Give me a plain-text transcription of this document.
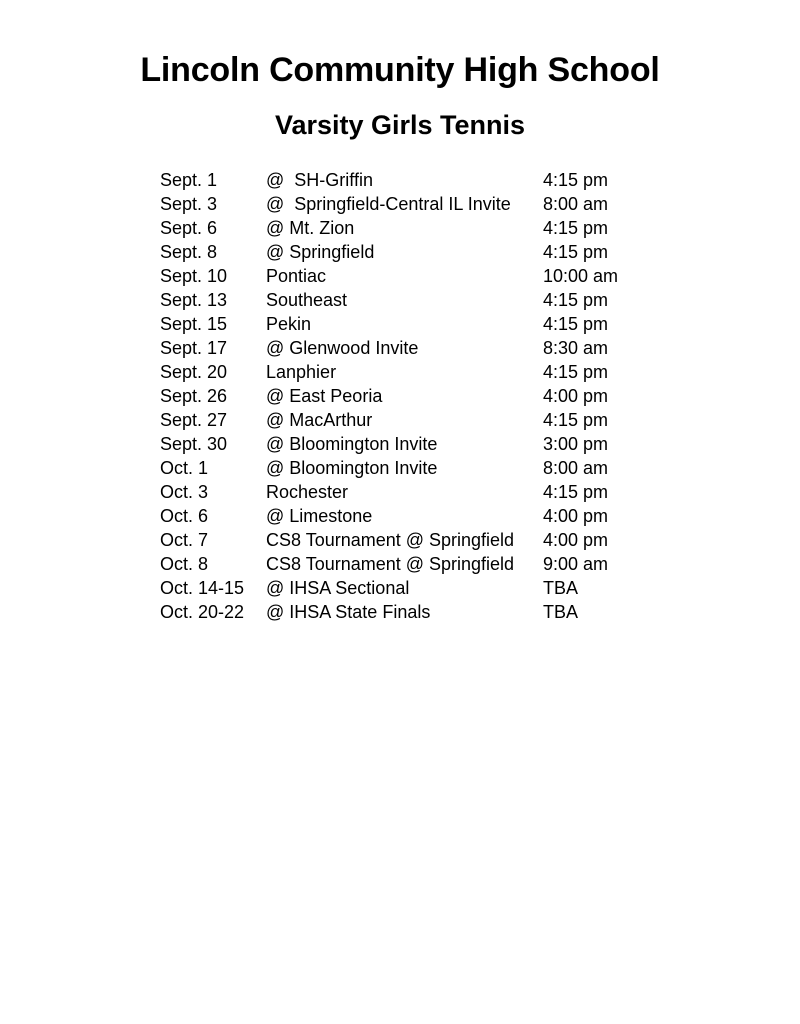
Lincoln Community High School
Varsity Girls Tennis
Sept. 1	@  SH-Griffin	4:15 pm
Sept. 3	@  Springfield-Central IL Invite	8:00 am
Sept. 6	@ Mt. Zion	4:15 pm
Sept. 8	@ Springfield	4:15 pm
Sept. 10	Pontiac	10:00 am
Sept. 13	Southeast	4:15 pm
Sept. 15	Pekin	4:15 pm
Sept. 17	@ Glenwood Invite	8:30 am
Sept. 20	Lanphier	4:15 pm
Sept. 26	@ East Peoria	4:00 pm
Sept. 27	@ MacArthur	4:15 pm
Sept. 30	@ Bloomington Invite	3:00 pm
Oct. 1	@ Bloomington Invite	8:00 am
Oct. 3	Rochester	4:15 pm
Oct. 6	@ Limestone	4:00 pm
Oct. 7	CS8 Tournament @ Springfield	4:00 pm
Oct. 8	CS8 Tournament @ Springfield	9:00 am
Oct. 14-15	@ IHSA Sectional	TBA
Oct. 20-22	@ IHSA State Finals	TBA
